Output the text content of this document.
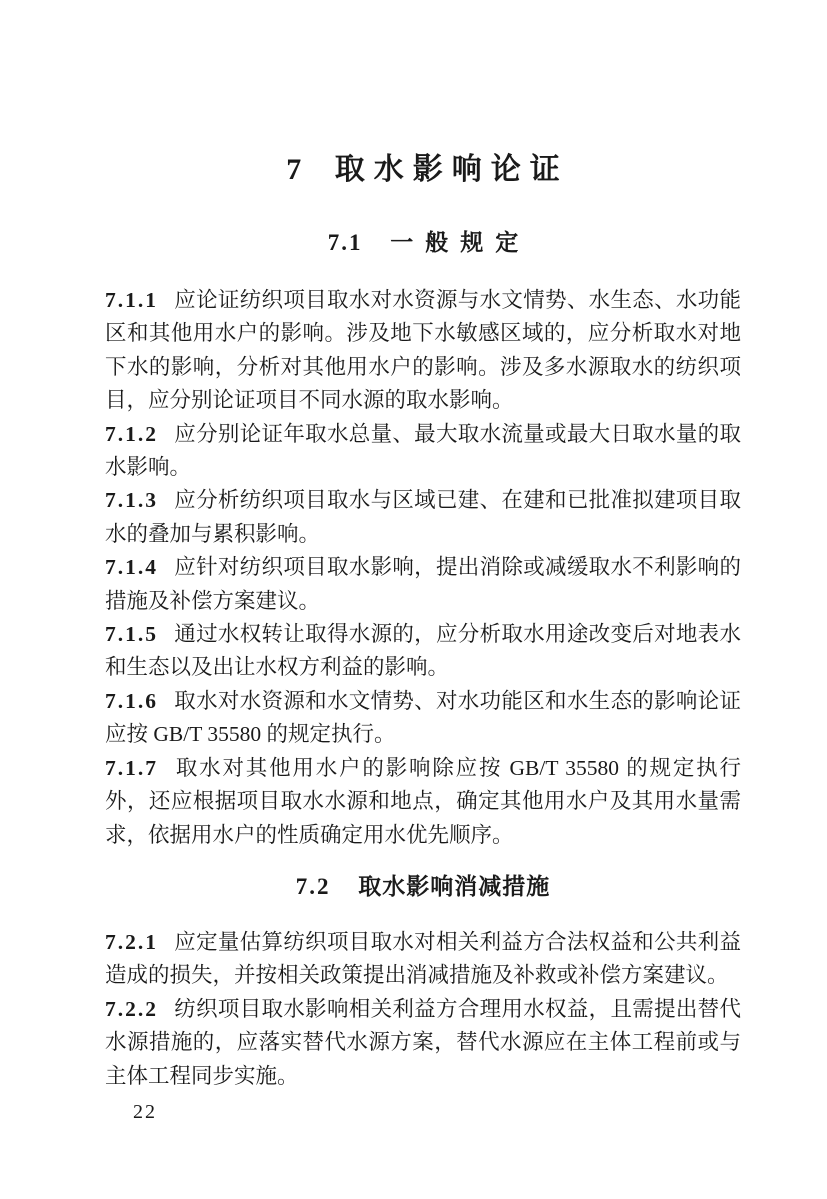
7 取水影响论证
7.1 一般规定

7.1.1 应论证纺织项目取水对水资源与水文情势、水生态、水功能区和其他用水户的影响。涉及地下水敏感区域的，应分析取水对地下水的影响，分析对其他用水户的影响。涉及多水源取水的纺织项目，应分别论证项目不同水源的取水影响。

7.1.2 应分别论证年取水总量、最大取水流量或最大日取水量的取水影响。

7.1.3 应分析纺织项目取水与区域已建、在建和已批准拟建项目取水的叠加与累积影响。

7.1.4 应针对纺织项目取水影响，提出消除或减缓取水不利影响的措施及补偿方案建议。

7.1.5 通过水权转让取得水源的，应分析取水用途改变后对地表水和生态以及出让水权方利益的影响。

7.1.6 取水对水资源和水文情势、对水功能区和水生态的影响论证应按 GB/T 35580 的规定执行。

7.1.7 取水对其他用水户的影响除应按 GB/T 35580 的规定执行外，还应根据项目取水水源和地点，确定其他用水户及其用水量需求，依据用水户的性质确定用水优先顺序。

7.2 取水影响消减措施

7.2.1 应定量估算纺织项目取水对相关利益方合法权益和公共利益造成的损失，并按相关政策提出消减措施及补救或补偿方案建议。

7.2.2 纺织项目取水影响相关利益方合理用水权益，且需提出替代水源措施的，应落实替代水源方案，替代水源应在主体工程前或与主体工程同步实施。

22
